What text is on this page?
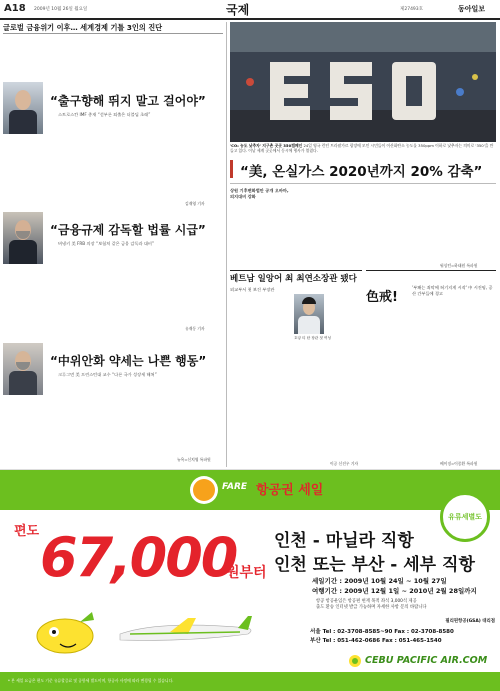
A18 2009년 10월 26일 월요일	국제	제27493호	동아일보
글로벌 금융위기 이후… 세계경제 기틀 3인의 진단
“출구향해 뛰지 말고 걸어야”
스트로스칸 IMF 총재 “섣부른 퇴출은 더블딥 초래”
김재영 기자
“금융규제 감독할 법률 시급”
버냉키 美 FRB 의장 “보험처 같은 금융 감독과 대비”
유재동 기자
“中위안화 약세는 나쁜 행동”
크루그먼 美 프린스턴대 교수 “다른 국가 성장세 해쳐”
뉴욕=신치영 특파원
'CO₂ 농도 낮추자' 지구촌 곳곳 350캠페인 24일 영국 런던 트라팔가르 광장에 모인 시민들이 이산화탄소 농도를 350ppm 이하로 낮추자는 의미로 '350'을 만들고 있다. 이날 세계 곳곳에서 동시에 행사가 열렸다.
“美, 온실가스 2020년까지 20% 감축”
상원 기후변화법안 공개 오바마, 의지대비 강화
워싱턴=하태원 특파원
베트남 일앙어 최 최연소장관 됐다
외교부서 첫 보건 부장관
호앙 티 탄 장관 첫 여성
이공 신진우 기자
色戒!
'부패는 죄악에 허기지게 시작' 中 시진핑, 공산 간부들에 경고
베이징=이종환 특파원
FARE 항공권 세일
유류세별도
편도 67,000
원부터
인천 - 마닐라 직항
인천 또는 부산 - 세부 직항
세일기간 : 2009년 10월 24일 ~ 10월 27일
여행기간 : 2009년 12월 1일 ~ 2010년 2월 28일까지
항공 항공운임은 항공편 현재 목적 좌석 3,000석 제공
출도 환승 인터넷 발급 가능하며 자세한 사항 문의 바랍니다
필리핀항공(GSA) 대리점
서울 Tel : 02-3708-8585~90 Fax : 02-3708-8580
부산 Tel : 051-462-0686 Fax : 051-465-1540
CEBU PACIFIC AIR.COM
* 본 세일 요금은 편도 기준 유류할증료 및 공항세 별도이며, 항공사 사정에 따라 변경될 수 있습니다.
